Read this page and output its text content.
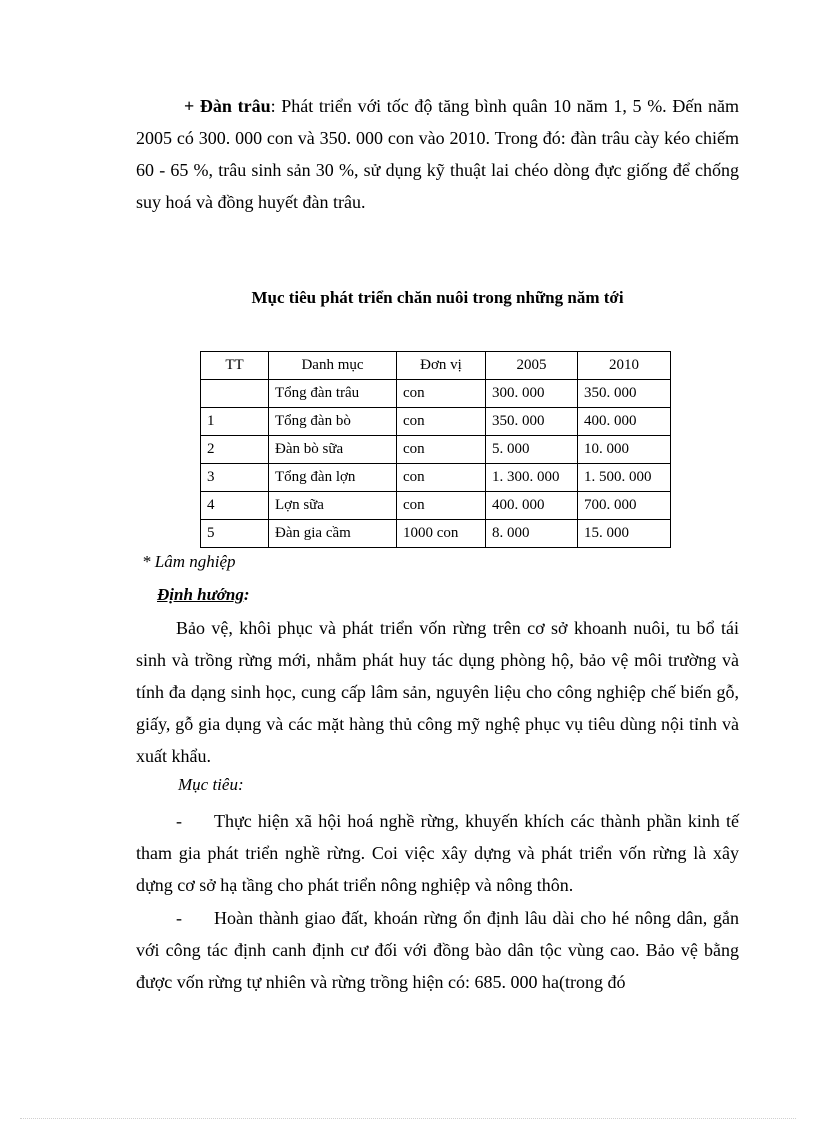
+ Đàn trâu: Phát triển với tốc độ tăng bình quân 10 năm 1, 5 %. Đến năm 2005 có 300. 000 con và 350. 000 con vào 2010. Trong đó: đàn trâu cày kéo chiếm 60 - 65 %, trâu sinh sản 30 %, sử dụng kỹ thuật lai chéo dòng đực giống để chống suy hoá và đồng huyết đàn trâu.

Mục tiêu phát triển chăn nuôi trong những năm tới

TT	Danh mục	Đơn vị	2005	2010
	Tổng đàn trâu	con	300. 000	350. 000
1	Tổng đàn bò	con	350. 000	400. 000
2	Đàn bò sữa	con	5. 000	10. 000
3	Tổng đàn lợn	con	1. 300. 000	1. 500. 000
4	Lợn sữa	con	400. 000	700. 000
5	Đàn gia cầm	1000 con	8. 000	15. 000

* Lâm nghiệp

Định hướng:

Bảo vệ, khôi phục và phát triển vốn rừng trên cơ sở khoanh nuôi, tu bổ tái sinh và trồng rừng mới, nhằm phát huy tác dụng phòng hộ, bảo vệ môi trường và tính đa dạng sinh học, cung cấp lâm sản, nguyên liệu cho công nghiệp chế biến gỗ, giấy, gỗ gia dụng và các mặt hàng thủ công mỹ nghệ phục vụ tiêu dùng nội tỉnh và xuất khẩu.

Mục tiêu:

- Thực hiện xã hội hoá nghề rừng, khuyến khích các thành phần kinh tế tham gia phát triển nghề rừng. Coi việc xây dựng và phát triển vốn rừng là xây dựng cơ sở hạ tầng cho phát triển nông nghiệp và nông thôn.

- Hoàn thành giao đất, khoán rừng ổn định lâu dài cho hé nông dân, gắn với công tác định canh định cư đối với đồng bào dân tộc vùng cao. Bảo vệ bằng được vốn rừng tự nhiên và rừng trồng hiện có: 685. 000 ha(trong đó
